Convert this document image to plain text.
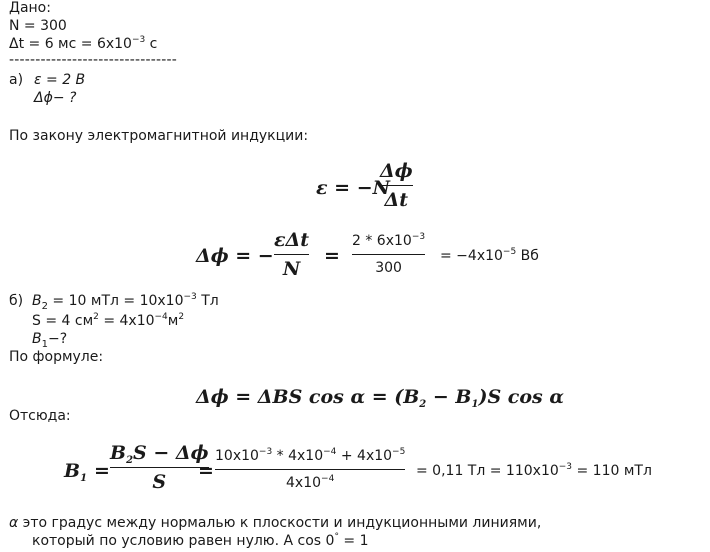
Дано:
N = 300
Δt = 6 мс = $6x10^{-3}$ с
--------------------------------
а) ε = 2 В
Δϕ− ?
По закону электромагнитной индукции:
ε = −N
Δϕ
Δt
Δϕ = −
εΔt
N
=
$2 * 6x10^{-3}$
300
= $-4x10^{-5}$ Вб
б) $B_2 = 10$ мТл = $10x10^{-3}$ Тл
S = 4 $см^2 = 4x10^{-4}м^2$
$B_1-$?
По формуле:
Δϕ = ΔBS $\cos \alpha = (B_2 - B_1)S$ cos α
Отсюда:
$B_1$ =
$B_2S - \Delta\phi$
S =
$10x10^{-3} * 4x10^{-4} + 4x10^{-5}$
$4x10^{-4}$	= 0,11 Тл = $110x10^{-3} = 110$ мТл
α это градус между нормалью к плоскости и индукционными линиями,
который по условию равен нулю. А cos 0° = 1
